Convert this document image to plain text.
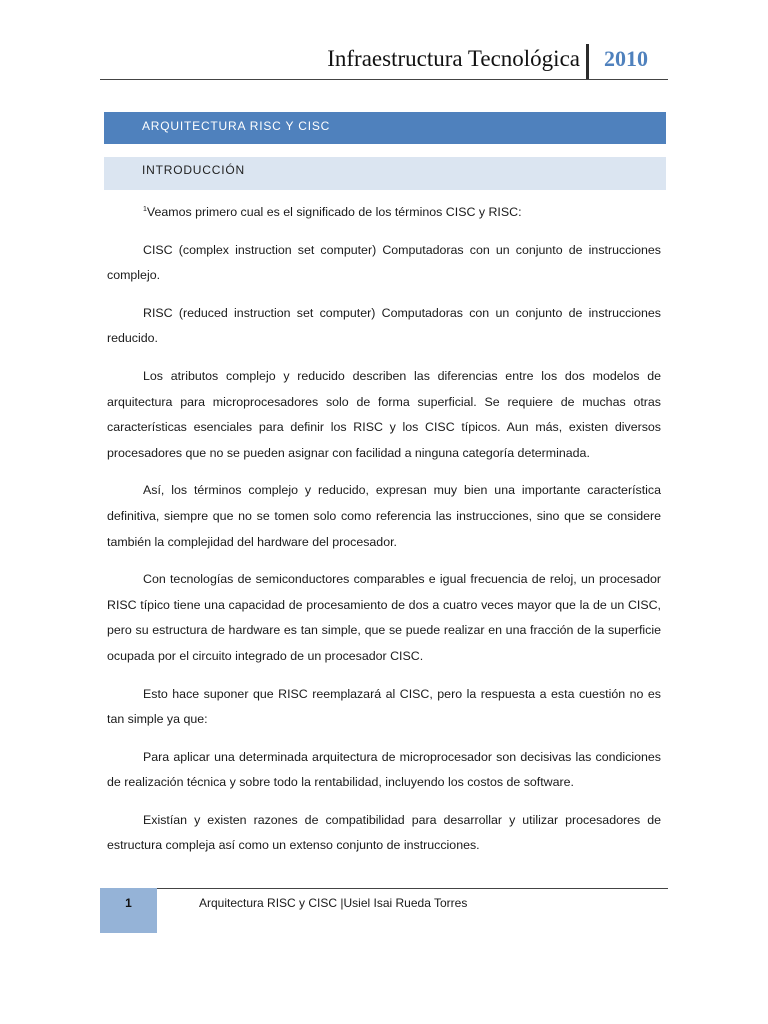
Infraestructura Tecnológica 2010
ARQUITECTURA RISC Y CISC
INTRODUCCIÓN

$^1$Veamos primero cual es el significado de los términos CISC y RISC:

CISC (complex instruction set computer) Computadoras con un conjunto de instrucciones complejo.

RISC (reduced instruction set computer) Computadoras con un conjunto de instrucciones reducido.

Los atributos complejo y reducido describen las diferencias entre los dos modelos de arquitectura para microprocesadores solo de forma superficial. Se requiere de muchas otras características esenciales para definir los RISC y los CISC típicos. Aun más, existen diversos procesadores que no se pueden asignar con facilidad a ninguna categoría determinada.

Así, los términos complejo y reducido, expresan muy bien una importante característica definitiva, siempre que no se tomen solo como referencia las instrucciones, sino que se considere también la complejidad del hardware del procesador.

Con tecnologías de semiconductores comparables e igual frecuencia de reloj, un procesador RISC típico tiene una capacidad de procesamiento de dos a cuatro veces mayor que la de un CISC, pero su estructura de hardware es tan simple, que se puede realizar en una fracción de la superficie ocupada por el circuito integrado de un procesador CISC.

Esto hace suponer que RISC reemplazará al CISC, pero la respuesta a esta cuestión no es tan simple ya que:

Para aplicar una determinada arquitectura de microprocesador son decisivas las condiciones de realización técnica y sobre todo la rentabilidad, incluyendo los costos de software.

Existían y existen razones de compatibilidad para desarrollar y utilizar procesadores de estructura compleja así como un extenso conjunto de instrucciones.

1	Arquitectura RISC y CISC |Usiel Isai Rueda Torres
